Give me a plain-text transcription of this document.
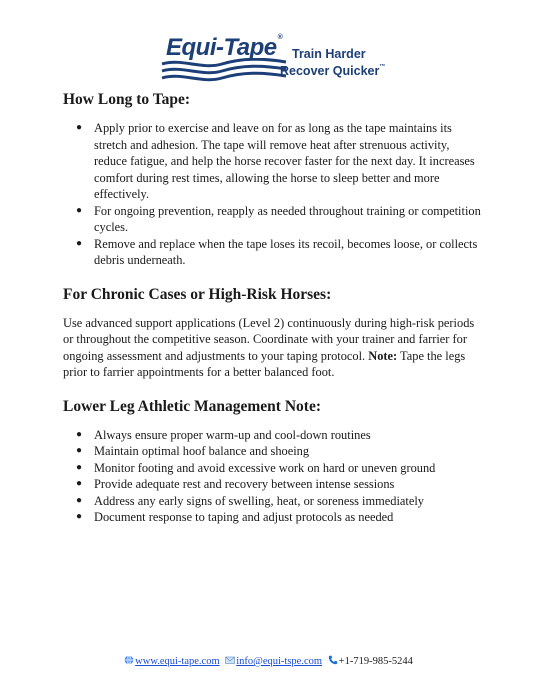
Equi-Tape®
Train Harder
Recover Quicker™
How Long to Tape:
● Apply prior to exercise and leave on for as long as the tape maintains its stretch and adhesion. The tape will remove heat after strenuous activity, reduce fatigue, and help the horse recover faster for the next day. It increases comfort during rest times, allowing the horse to sleep better and more effectively.
● For ongoing prevention, reapply as needed throughout training or competition cycles.
● Remove and replace when the tape loses its recoil, becomes loose, or collects debris underneath.
For Chronic Cases or High-Risk Horses:

Use advanced support applications (Level 2) continuously during high-risk periods or throughout the competitive season. Coordinate with your trainer and farrier for ongoing assessment and adjustments to your taping protocol. Note: Tape the legs prior to farrier appointments for a better balanced foot.

Lower Leg Athletic Management Note:
● Always ensure proper warm-up and cool-down routines
● Maintain optimal hoof balance and shoeing
● Monitor footing and avoid excessive work on hard or uneven ground
● Provide adequate rest and recovery between intense sessions
● Address any early signs of swelling, heat, or soreness immediately
● Document response to taping and adjust protocols as needed
www.equi-tape.com info@equi-tspe.com +1-719-985-5244
